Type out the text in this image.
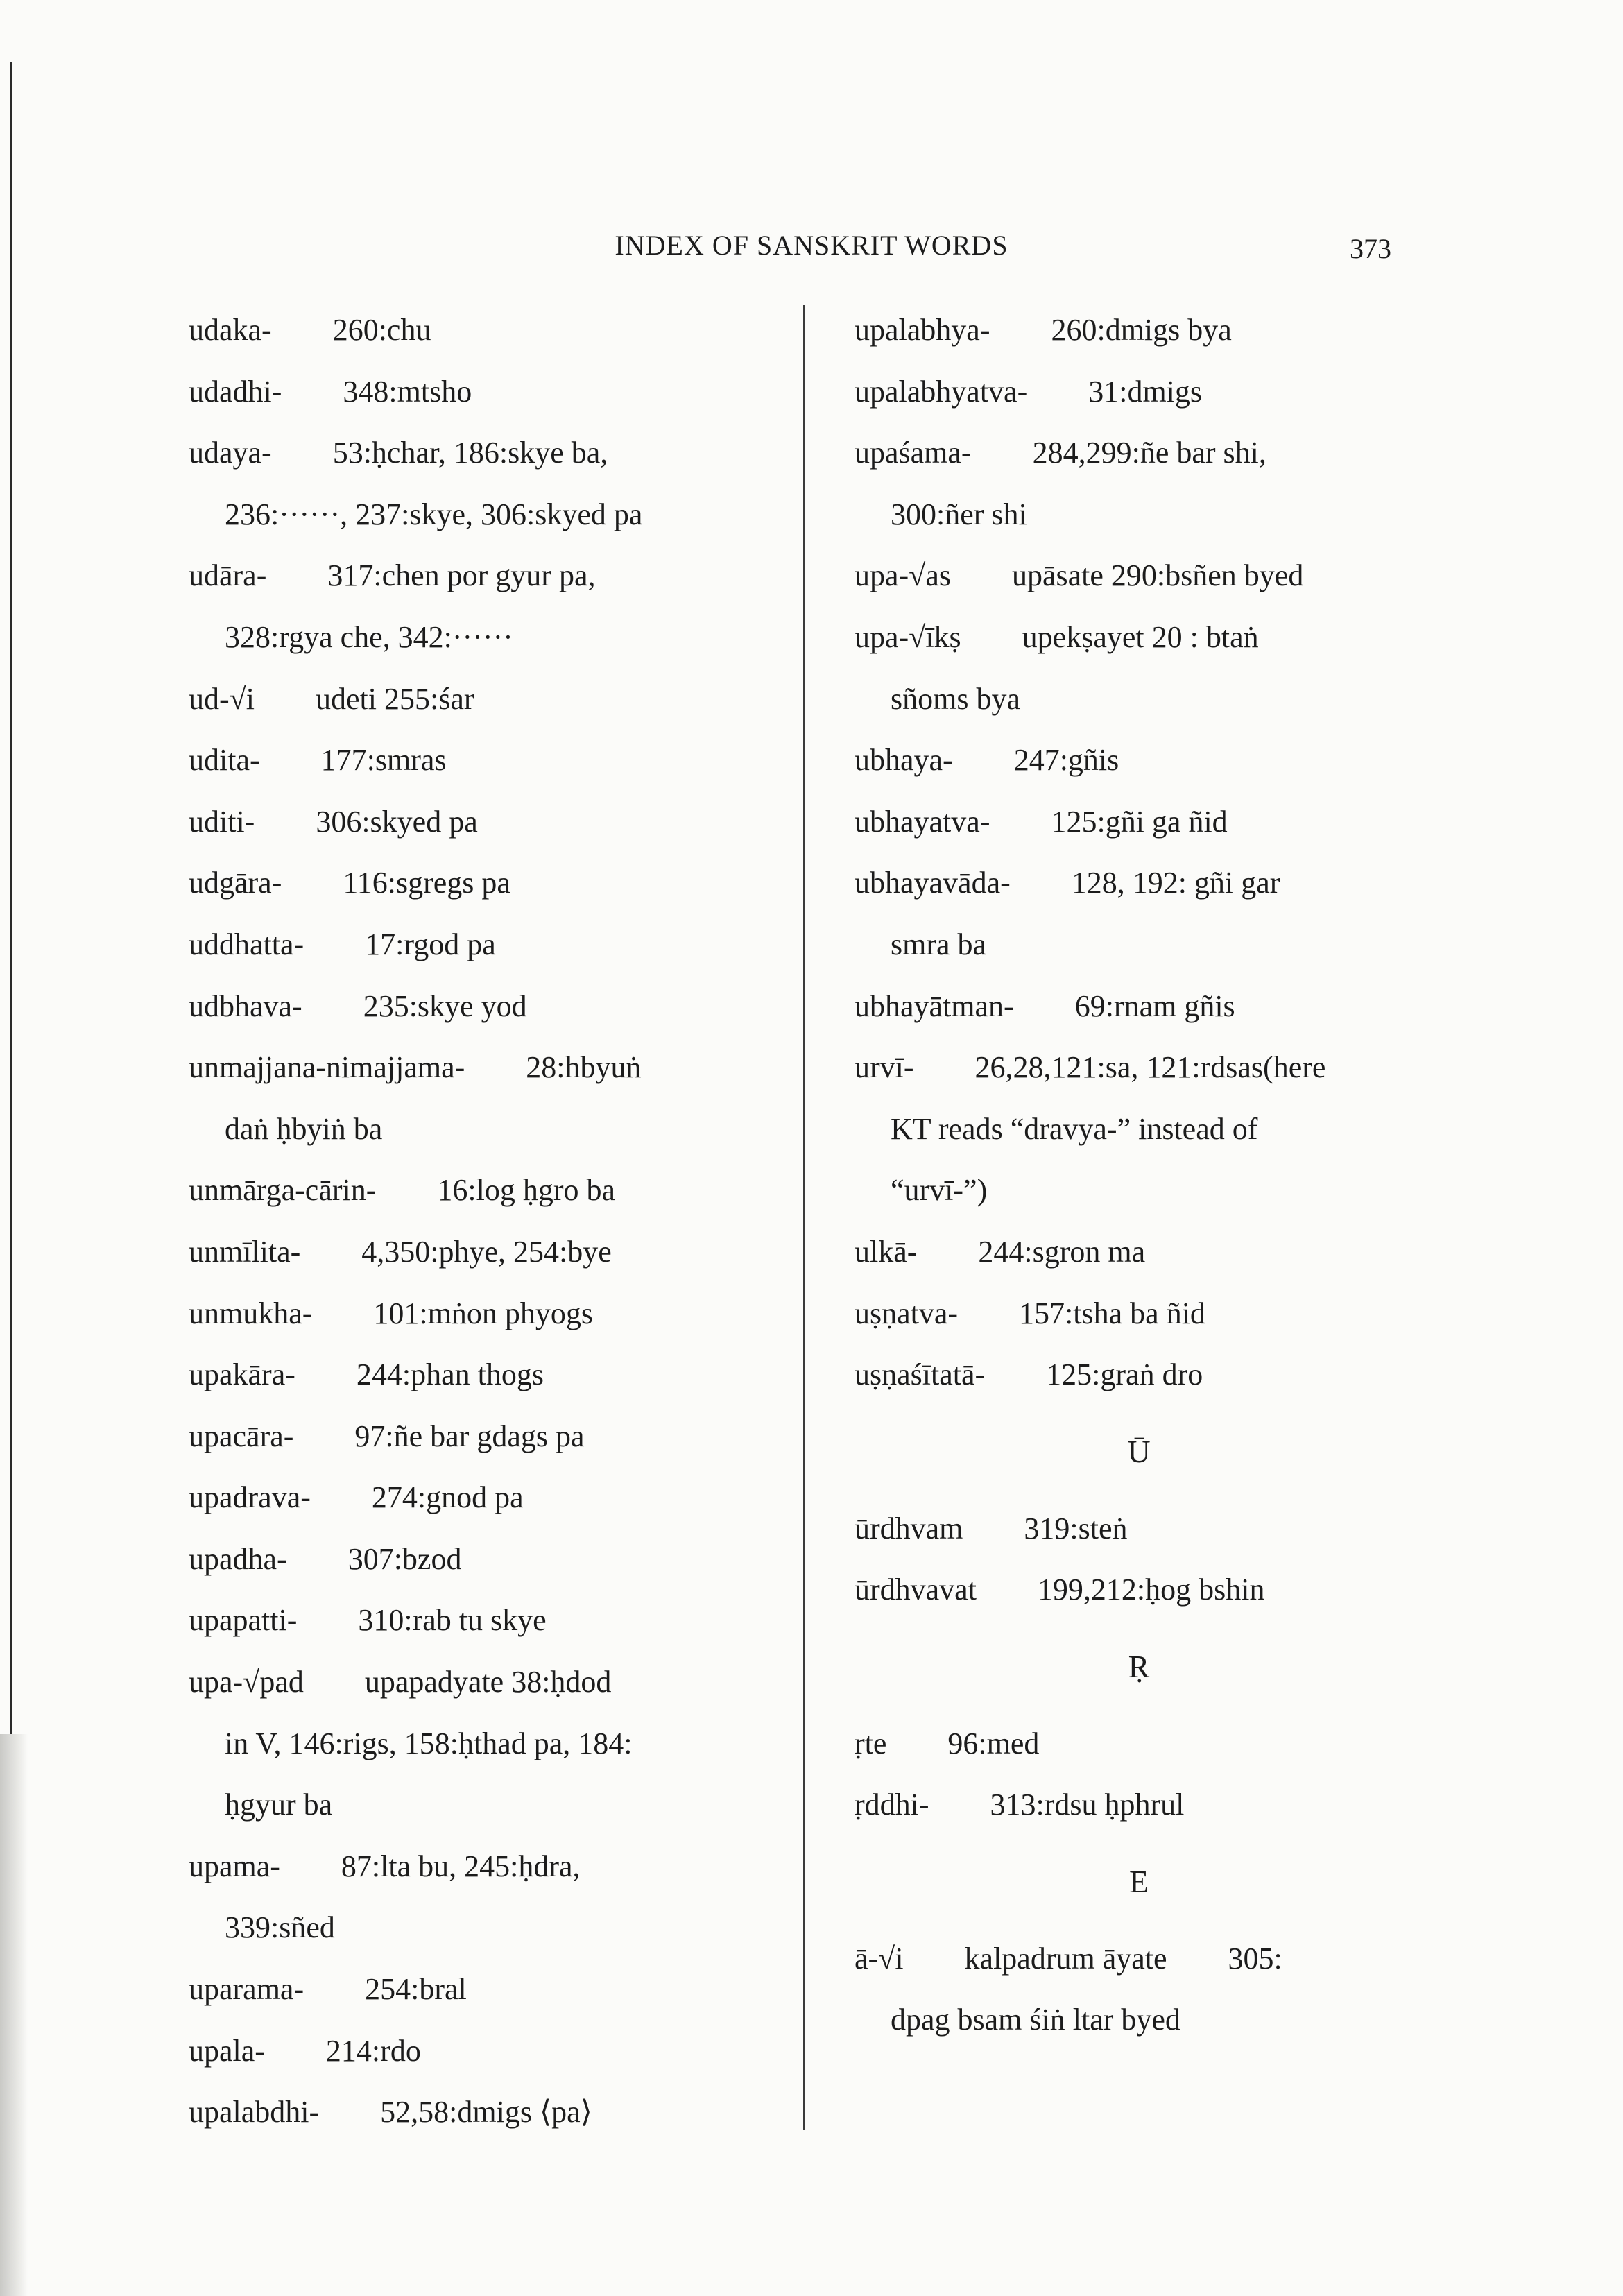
INDEX OF SANSKRIT WORDS	373
udaka-  260:chu
udadhi-  348:mtsho
udaya-  53:ḥchar, 186:skye ba,
236:······, 237:skye, 306:skyed pa
udāra-  317:chen por gyur pa,
328:rgya che, 342:······
ud-√i  udeti 255:śar
udita-  177:smras
uditi-  306:skyed pa
udgāra-  116:sgregs pa
uddhatta-  17:rgod pa
udbhava-  235:skye yod
unmajjana-nimajjama-  28:hbyuṅ
daṅ ḥbyiṅ ba
unmārga-cārin-  16:log ḥgro ba
unmīlita-  4,350:phye, 254:bye
unmukha-  101:mṅon phyogs
upakāra-  244:phan thogs
upacāra-  97:ñe bar gdags pa
upadrava-  274:gnod pa
upadha-  307:bzod
upapatti-  310:rab tu skye
upa-√pad  upapadyate 38:ḥdod
in V, 146:rigs, 158:ḥthad pa, 184:
ḥgyur ba
upama-  87:lta bu, 245:ḥdra,
339:sñed
uparama-  254:bral
upala-  214:rdo
upalabdhi-  52,58:dmigs ⟨pa⟩
upalabhya-  260:dmigs bya
upalabhyatva-  31:dmigs
upaśama-  284,299:ñe bar shi,
300:ñer shi
upa-√as  upāsate 290:bsñen byed
upa-√īkṣ  upekṣayet 20 : btaṅ
sñoms bya
ubhaya-  247:gñis
ubhayatva-  125:gñi ga ñid
ubhayavāda-  128, 192: gñi gar
smra ba
ubhayātman-  69:rnam gñis
urvī-  26,28,121:sa, 121:rdsas(here
KT reads “dravya-” instead of
“urvī-”)
ulkā-  244:sgron ma
uṣṇatva-  157:tsha ba ñid
uṣṇaśītatā-  125:graṅ dro
Ū
ūrdhvam  319:steṅ
ūrdhvavat  199,212:ḥog bshin
Ṛ
ṛte  96:med
ṛddhi-  313:rdsu ḥphrul
E
ā-√i  kalpadrum āyate  305:
dpag bsam śiṅ ltar byed
